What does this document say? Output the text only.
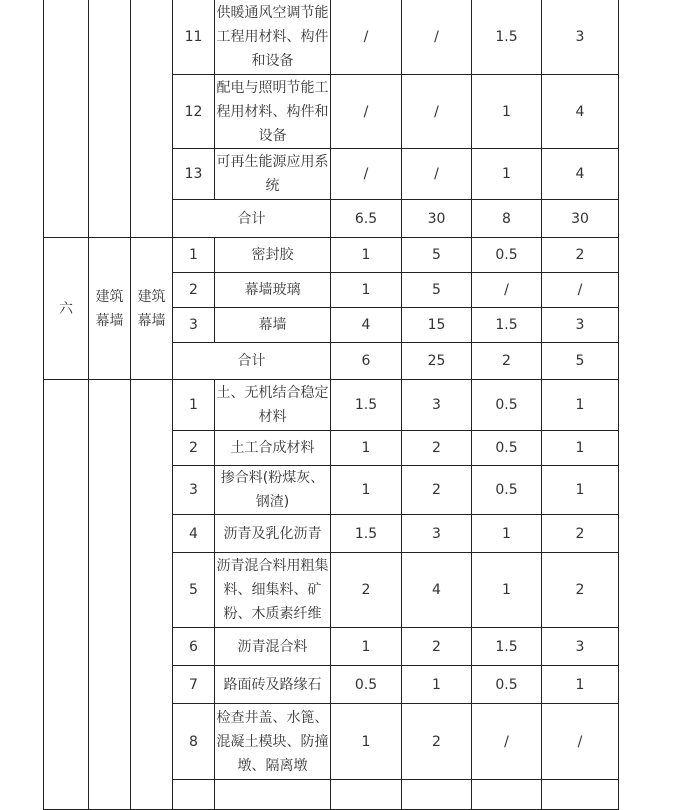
			11	供暖通风空调节能工程用材料、构件和设备	/	/	1.5	3
			12	配电与照明节能工程用材料、构件和设备	/	/	1	4
			13	可再生能源应用系统	/	/	1	4
			合计		6.5	30	8	30
六	建筑幕墙	建筑幕墙	1	密封胶	1	5	0.5	2
			2	幕墙玻璃	1	5	/	/
			3	幕墙	4	15	1.5	3
			合计		6	25	2	5
			1	土、无机结合稳定材料	1.5	3	0.5	1
			2	土工合成材料	1	2	0.5	1
			3	掺合料(粉煤灰、钢渣)	1	2	0.5	1
			4	沥青及乳化沥青	1.5	3	1	2
			5	沥青混合料用粗集料、细集料、矿粉、木质素纤维	2	4	1	2
			6	沥青混合料	1	2	1.5	3
			7	路面砖及路缘石	0.5	1	0.5	1
			8	检查井盖、水篦、混凝土模块、防撞墩、隔离墩	1	2	/	/
